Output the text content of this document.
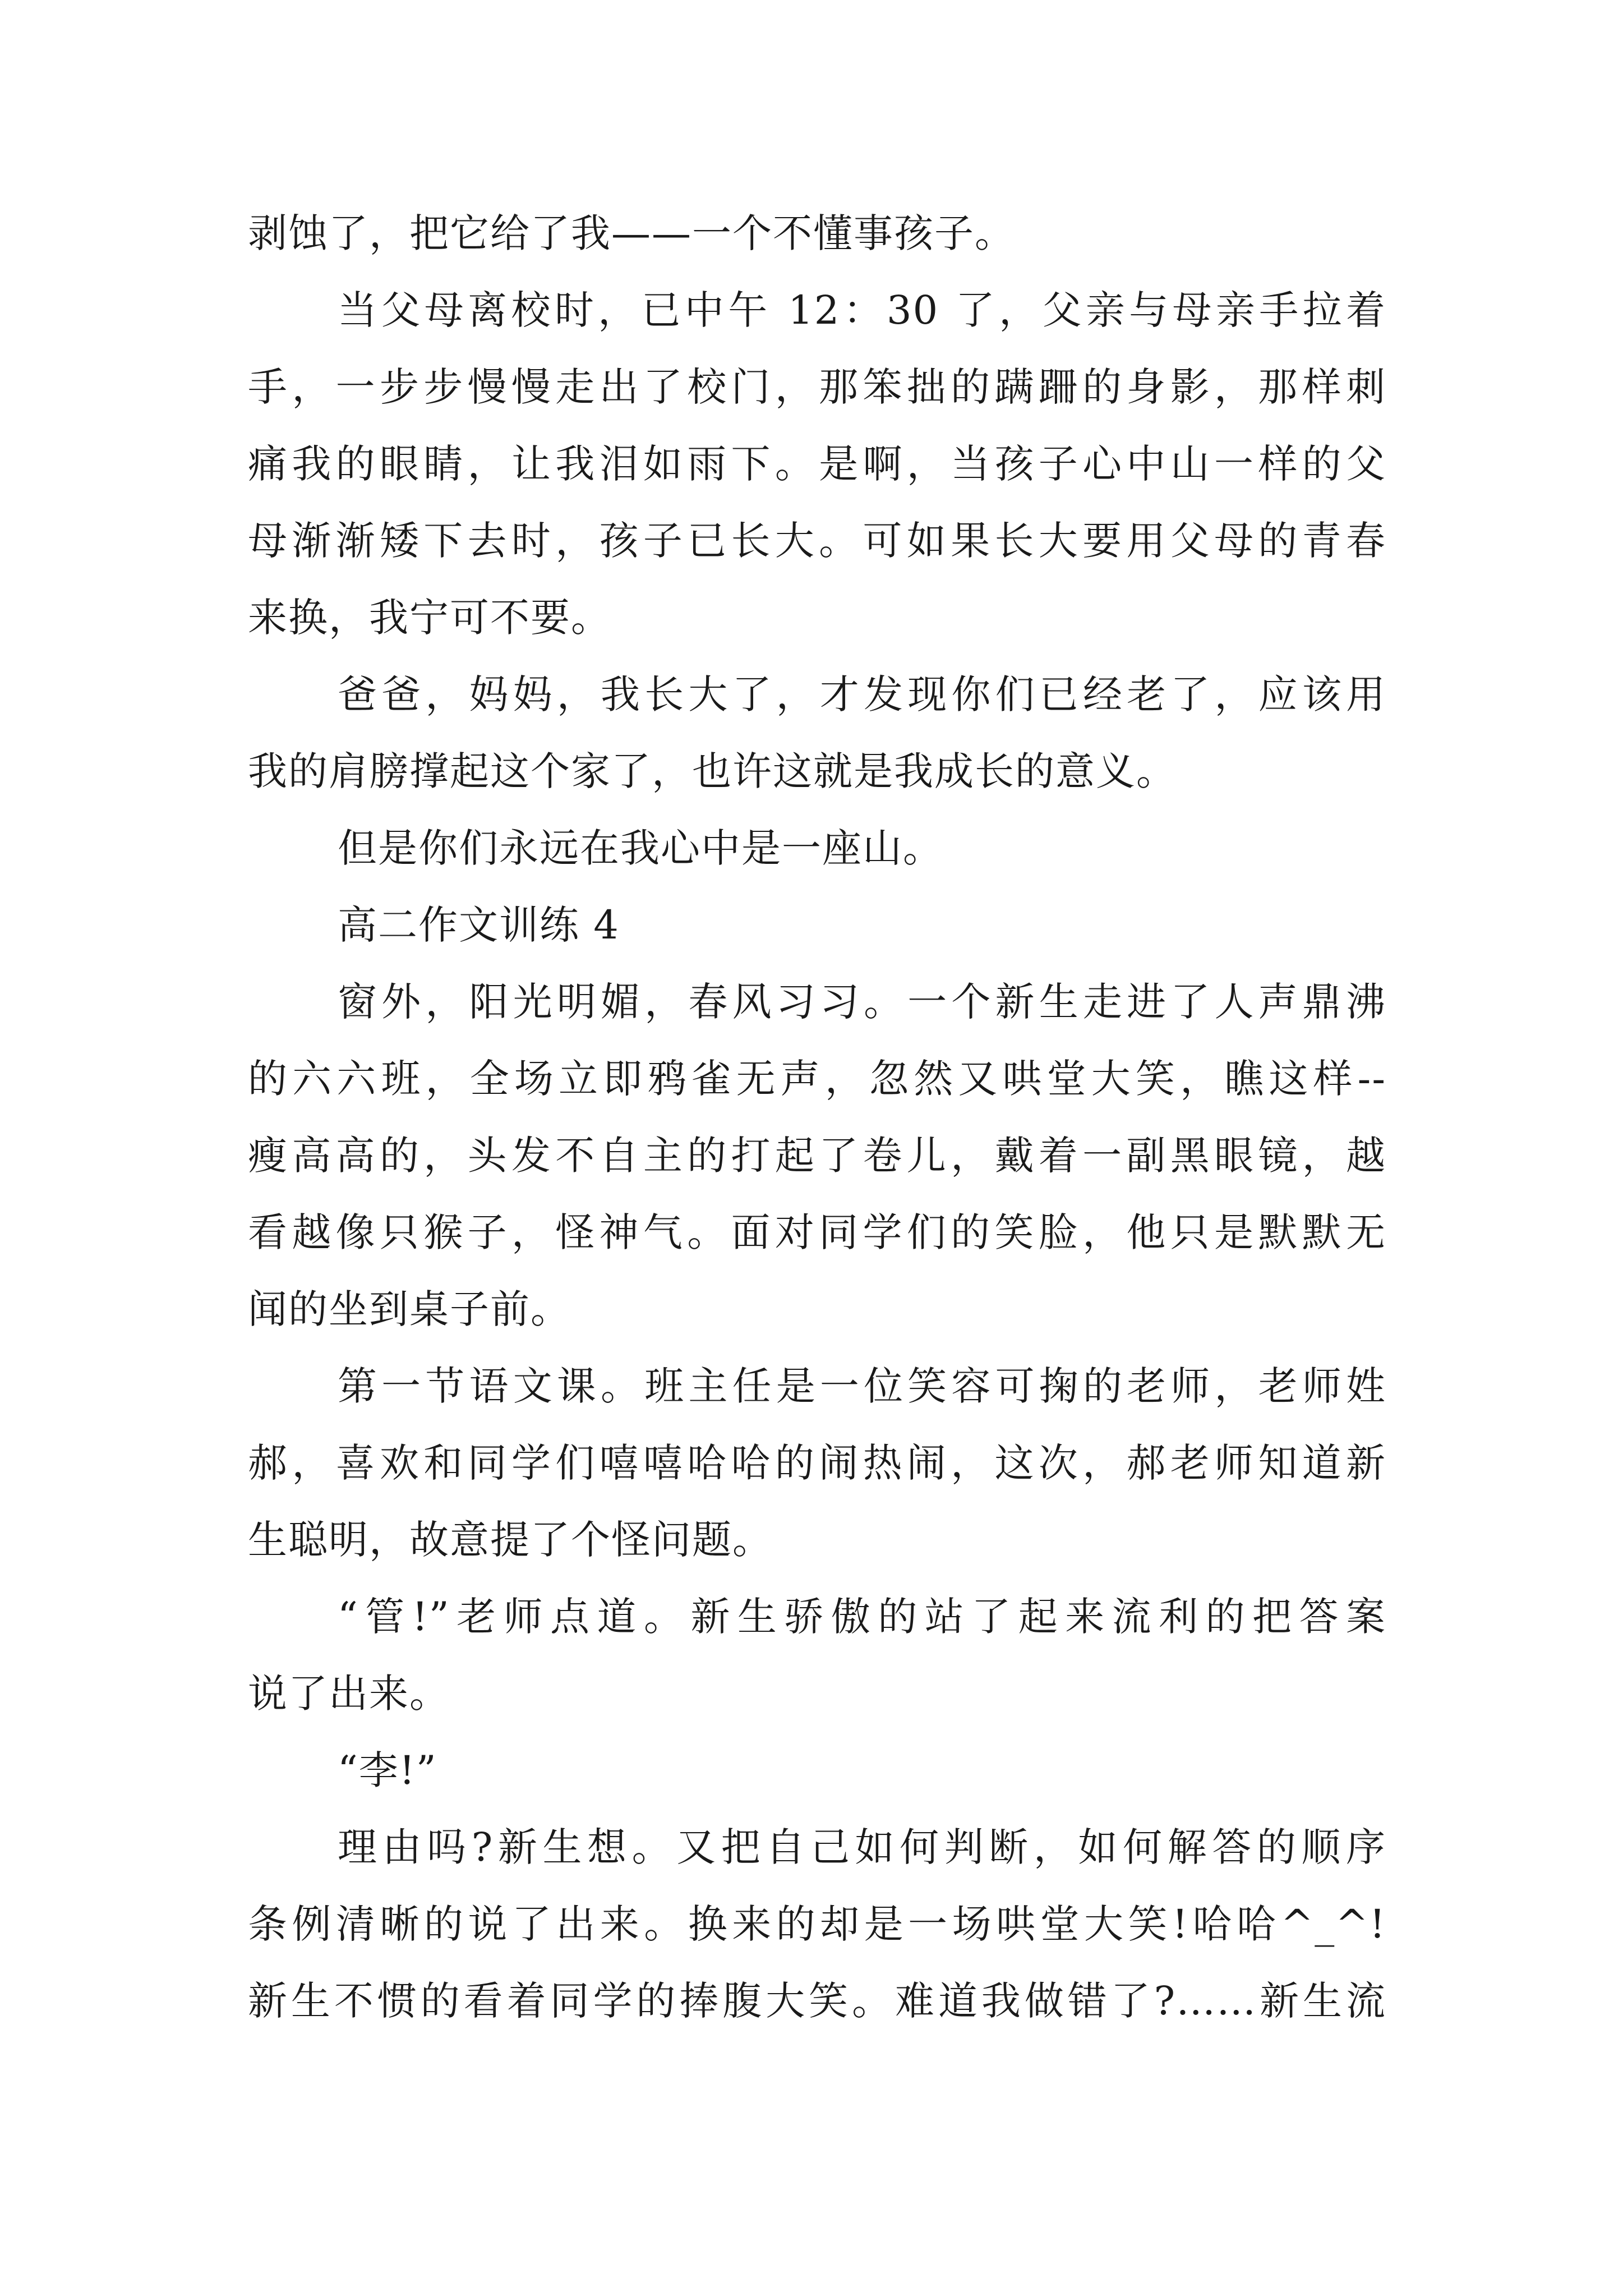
剥蚀了，把它给了我——一个不懂事孩子。
当父母离校时，已中午 12：30 了，父亲与母亲手拉着
手，一步步慢慢走出了校门，那笨拙的蹒跚的身影，那样刺
痛我的眼睛，让我泪如雨下。是啊，当孩子心中山一样的父
母渐渐矮下去时，孩子已长大。可如果长大要用父母的青春
来换，我宁可不要。
爸爸，妈妈，我长大了，才发现你们已经老了，应该用
我的肩膀撑起这个家了，也许这就是我成长的意义。
但是你们永远在我心中是一座山。
高二作文训练 4
窗外，阳光明媚，春风习习。一个新生走进了人声鼎沸
的六六班，全场立即鸦雀无声，忽然又哄堂大笑，瞧这样--
瘦高高的，头发不自主的打起了卷儿，戴着一副黑眼镜，越
看越像只猴子，怪神气。面对同学们的笑脸，他只是默默无
闻的坐到桌子前。
第一节语文课。班主任是一位笑容可掬的老师，老师姓
郝，喜欢和同学们嘻嘻哈哈的闹热闹，这次，郝老师知道新
生聪明，故意提了个怪问题。
“管!”老师点道。新生骄傲的站了起来流利的把答案
说了出来。
“李!”
理由吗?新生想。又把自己如何判断，如何解答的顺序
条例清晰的说了出来。换来的却是一场哄堂大笑!哈哈^_^!
新生不惯的看着同学的捧腹大笑。难道我做错了?……新生流
